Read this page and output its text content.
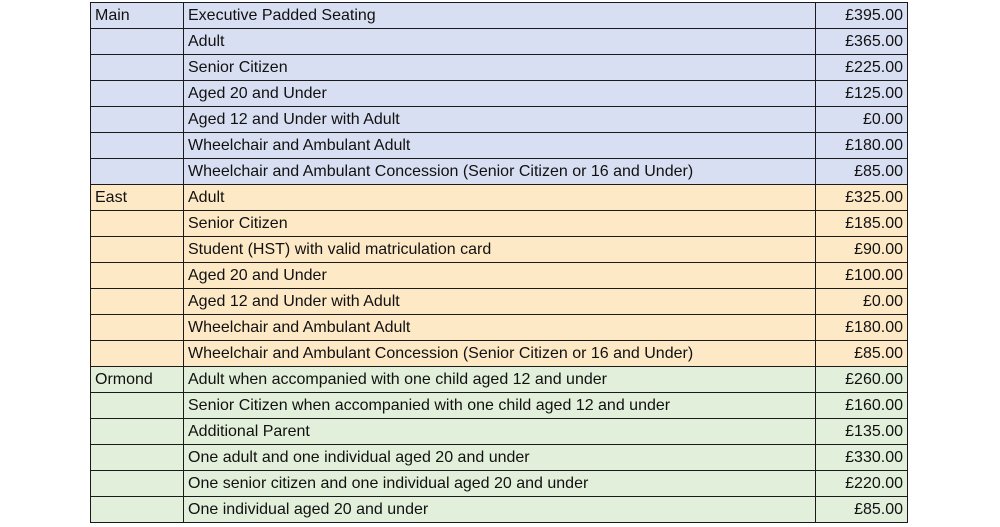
Main	Executive Padded Seating	£395.00
	Adult	£365.00
	Senior Citizen	£225.00
	Aged 20 and Under	£125.00
	Aged 12 and Under with Adult	£0.00
	Wheelchair and Ambulant Adult	£180.00
	Wheelchair and Ambulant Concession (Senior Citizen or 16 and Under)	£85.00
East	Adult	£325.00
	Senior Citizen	£185.00
	Student (HST) with valid matriculation card	£90.00
	Aged 20 and Under	£100.00
	Aged 12 and Under with Adult	£0.00
	Wheelchair and Ambulant Adult	£180.00
	Wheelchair and Ambulant Concession (Senior Citizen or 16 and Under)	£85.00
Ormond	Adult when accompanied with one child aged 12 and under	£260.00
	Senior Citizen when accompanied with one child aged 12 and under	£160.00
	Additional Parent	£135.00
	One adult and one individual aged 20 and under	£330.00
	One senior citizen and one individual aged 20 and under	£220.00
	One individual aged 20 and under	£85.00
